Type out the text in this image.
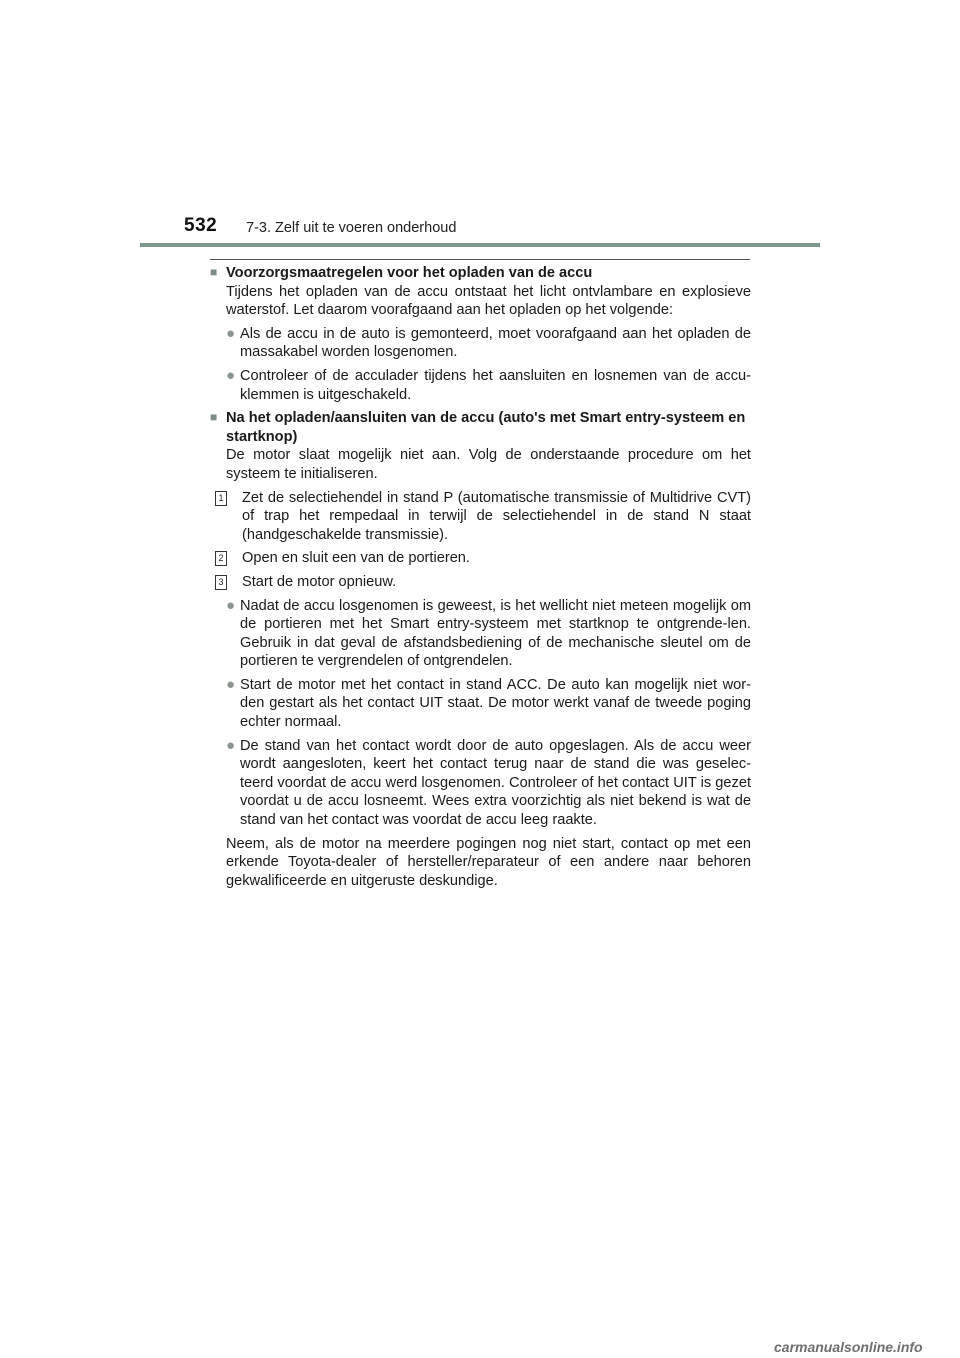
532 7-3. Zelf uit te voeren onderhoud
■
Voorzorgsmaatregelen voor het opladen van de accu
Tijdens het opladen van de accu ontstaat het licht ontvlambare en explosieve waterstof. Let daarom voorafgaand aan het opladen op het volgende:
● Als de accu in de auto is gemonteerd, moet voorafgaand aan het opladen de massakabel worden losgenomen.
● Controleer of de acculader tijdens het aansluiten en losnemen van de accu-klemmen is uitgeschakeld.
■
Na het opladen/aansluiten van de accu (auto's met Smart entry-systeem en startknop)
De motor slaat mogelijk niet aan. Volg de onderstaande procedure om het systeem te initialiseren.
1 Zet de selectiehendel in stand P (automatische transmissie of Multidrive CVT) of trap het rempedaal in terwijl de selectiehendel in de stand N staat (handgeschakelde transmissie).
2 Open en sluit een van de portieren.
3 Start de motor opnieuw.
● Nadat de accu losgenomen is geweest, is het wellicht niet meteen mogelijk om de portieren met het Smart entry-systeem met startknop te ontgrende-len. Gebruik in dat geval de afstandsbediening of de mechanische sleutel om de portieren te vergrendelen of ontgrendelen.
● Start de motor met het contact in stand ACC. De auto kan mogelijk niet wor-den gestart als het contact UIT staat. De motor werkt vanaf de tweede poging echter normaal.
● De stand van het contact wordt door de auto opgeslagen. Als de accu weer wordt aangesloten, keert het contact terug naar de stand die was geselec-teerd voordat de accu werd losgenomen. Controleer of het contact UIT is gezet voordat u de accu losneemt. Wees extra voorzichtig als niet bekend is wat de stand van het contact was voordat de accu leeg raakte.
Neem, als de motor na meerdere pogingen nog niet start, contact op met een erkende Toyota-dealer of hersteller/reparateur of een andere naar behoren gekwalificeerde en uitgeruste deskundige.
carmanualsonline.info
